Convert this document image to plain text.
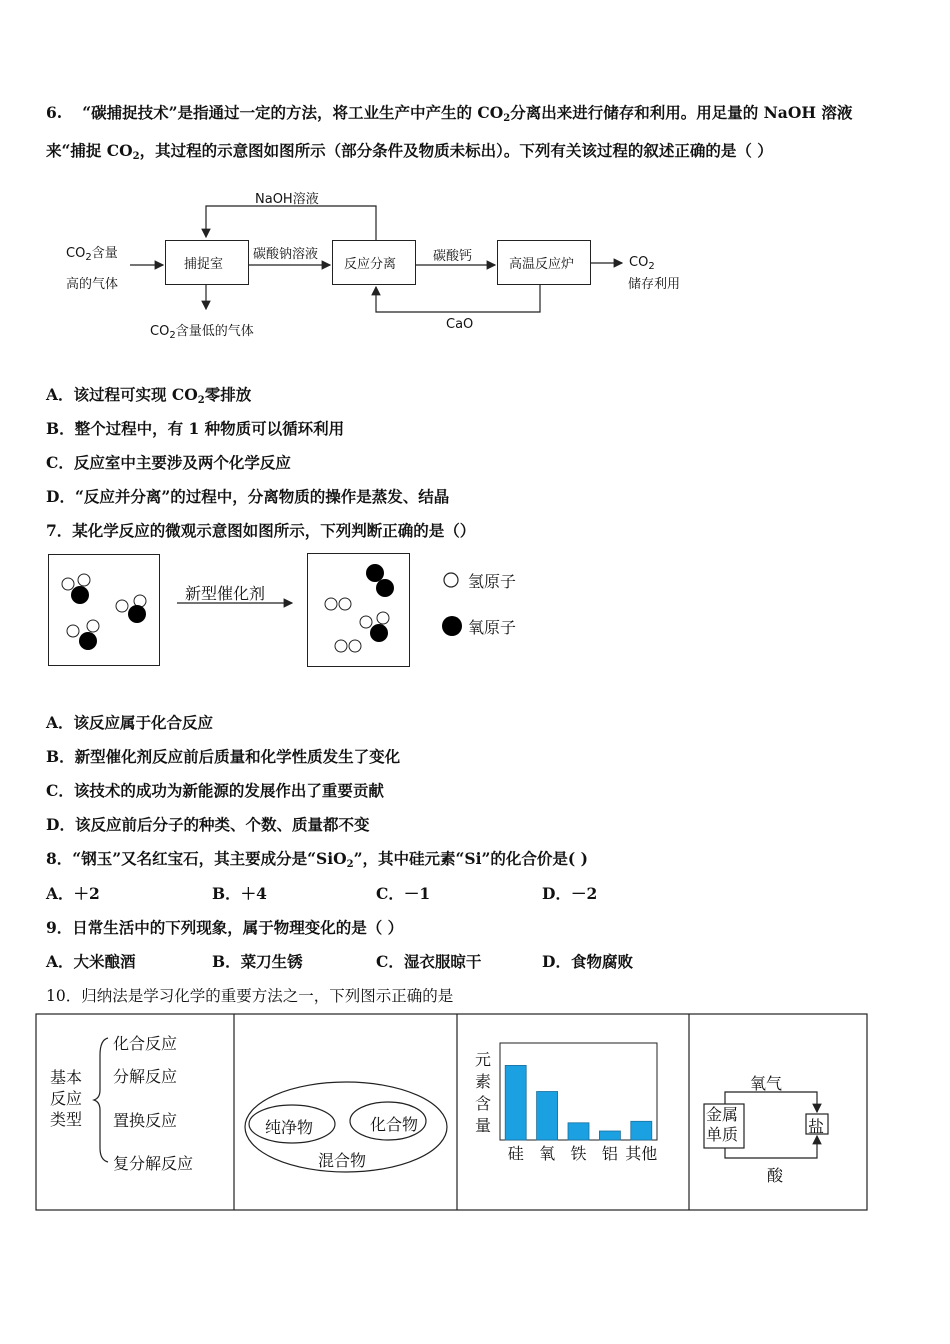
6. “碳捕捉技术”是指通过一定的方法，将工业生产中产生的 $CO_2$分离出来进行储存和利用。用足量的 NaOH 溶液
来“捕捉 $CO_2$，其过程的示意图如图所示（部分条件及物质未标出）。下列有关该过程的叙述正确的是（ ）
捕捉室	反应分离	高温反应炉
$CO_2$含量
高的气体
碳酸钠溶液	碳酸钙
NaOH溶液
CaO
$CO_2$
储存利用
$CO_2$含量低的气体
A．该过程可实现 $CO_2$零排放
B．整个过程中，有 1 种物质可以循环利用
C．反应室中主要涉及两个化学反应
D．“反应并分离”的过程中，分离物质的操作是蒸发、结晶
7．某化学反应的微观示意图如图所示，下列判断正确的是（）
新型催化剂
氢原子
氧原子
A．该反应属于化合反应
B．新型催化剂反应前后质量和化学性质发生了变化
C．该技术的成功为新能源的发展作出了重要贡献
D．该反应前后分子的种类、个数、质量都不变
8．“钢玉”又名红宝石，其主要成分是“SiO$_2$”，其中硅元素“Si”的化合价是( )
A．＋2	B．＋4	C．－1	D．－2
9．日常生活中的下列现象，属于物理变化的是（ ）
A．大米酿酒	B．菜刀生锈	C．湿衣服晾干	D．食物腐败
10．归纳法是学习化学的重要方法之一，下列图示正确的是
基本
反应
类型
化合反应
分解反应
置换反应
复分解反应
纯净物	化合物
混合物
元
素
含
量
硅 氧 铁 铝 其他
金属
单质	盐
氧气
酸
